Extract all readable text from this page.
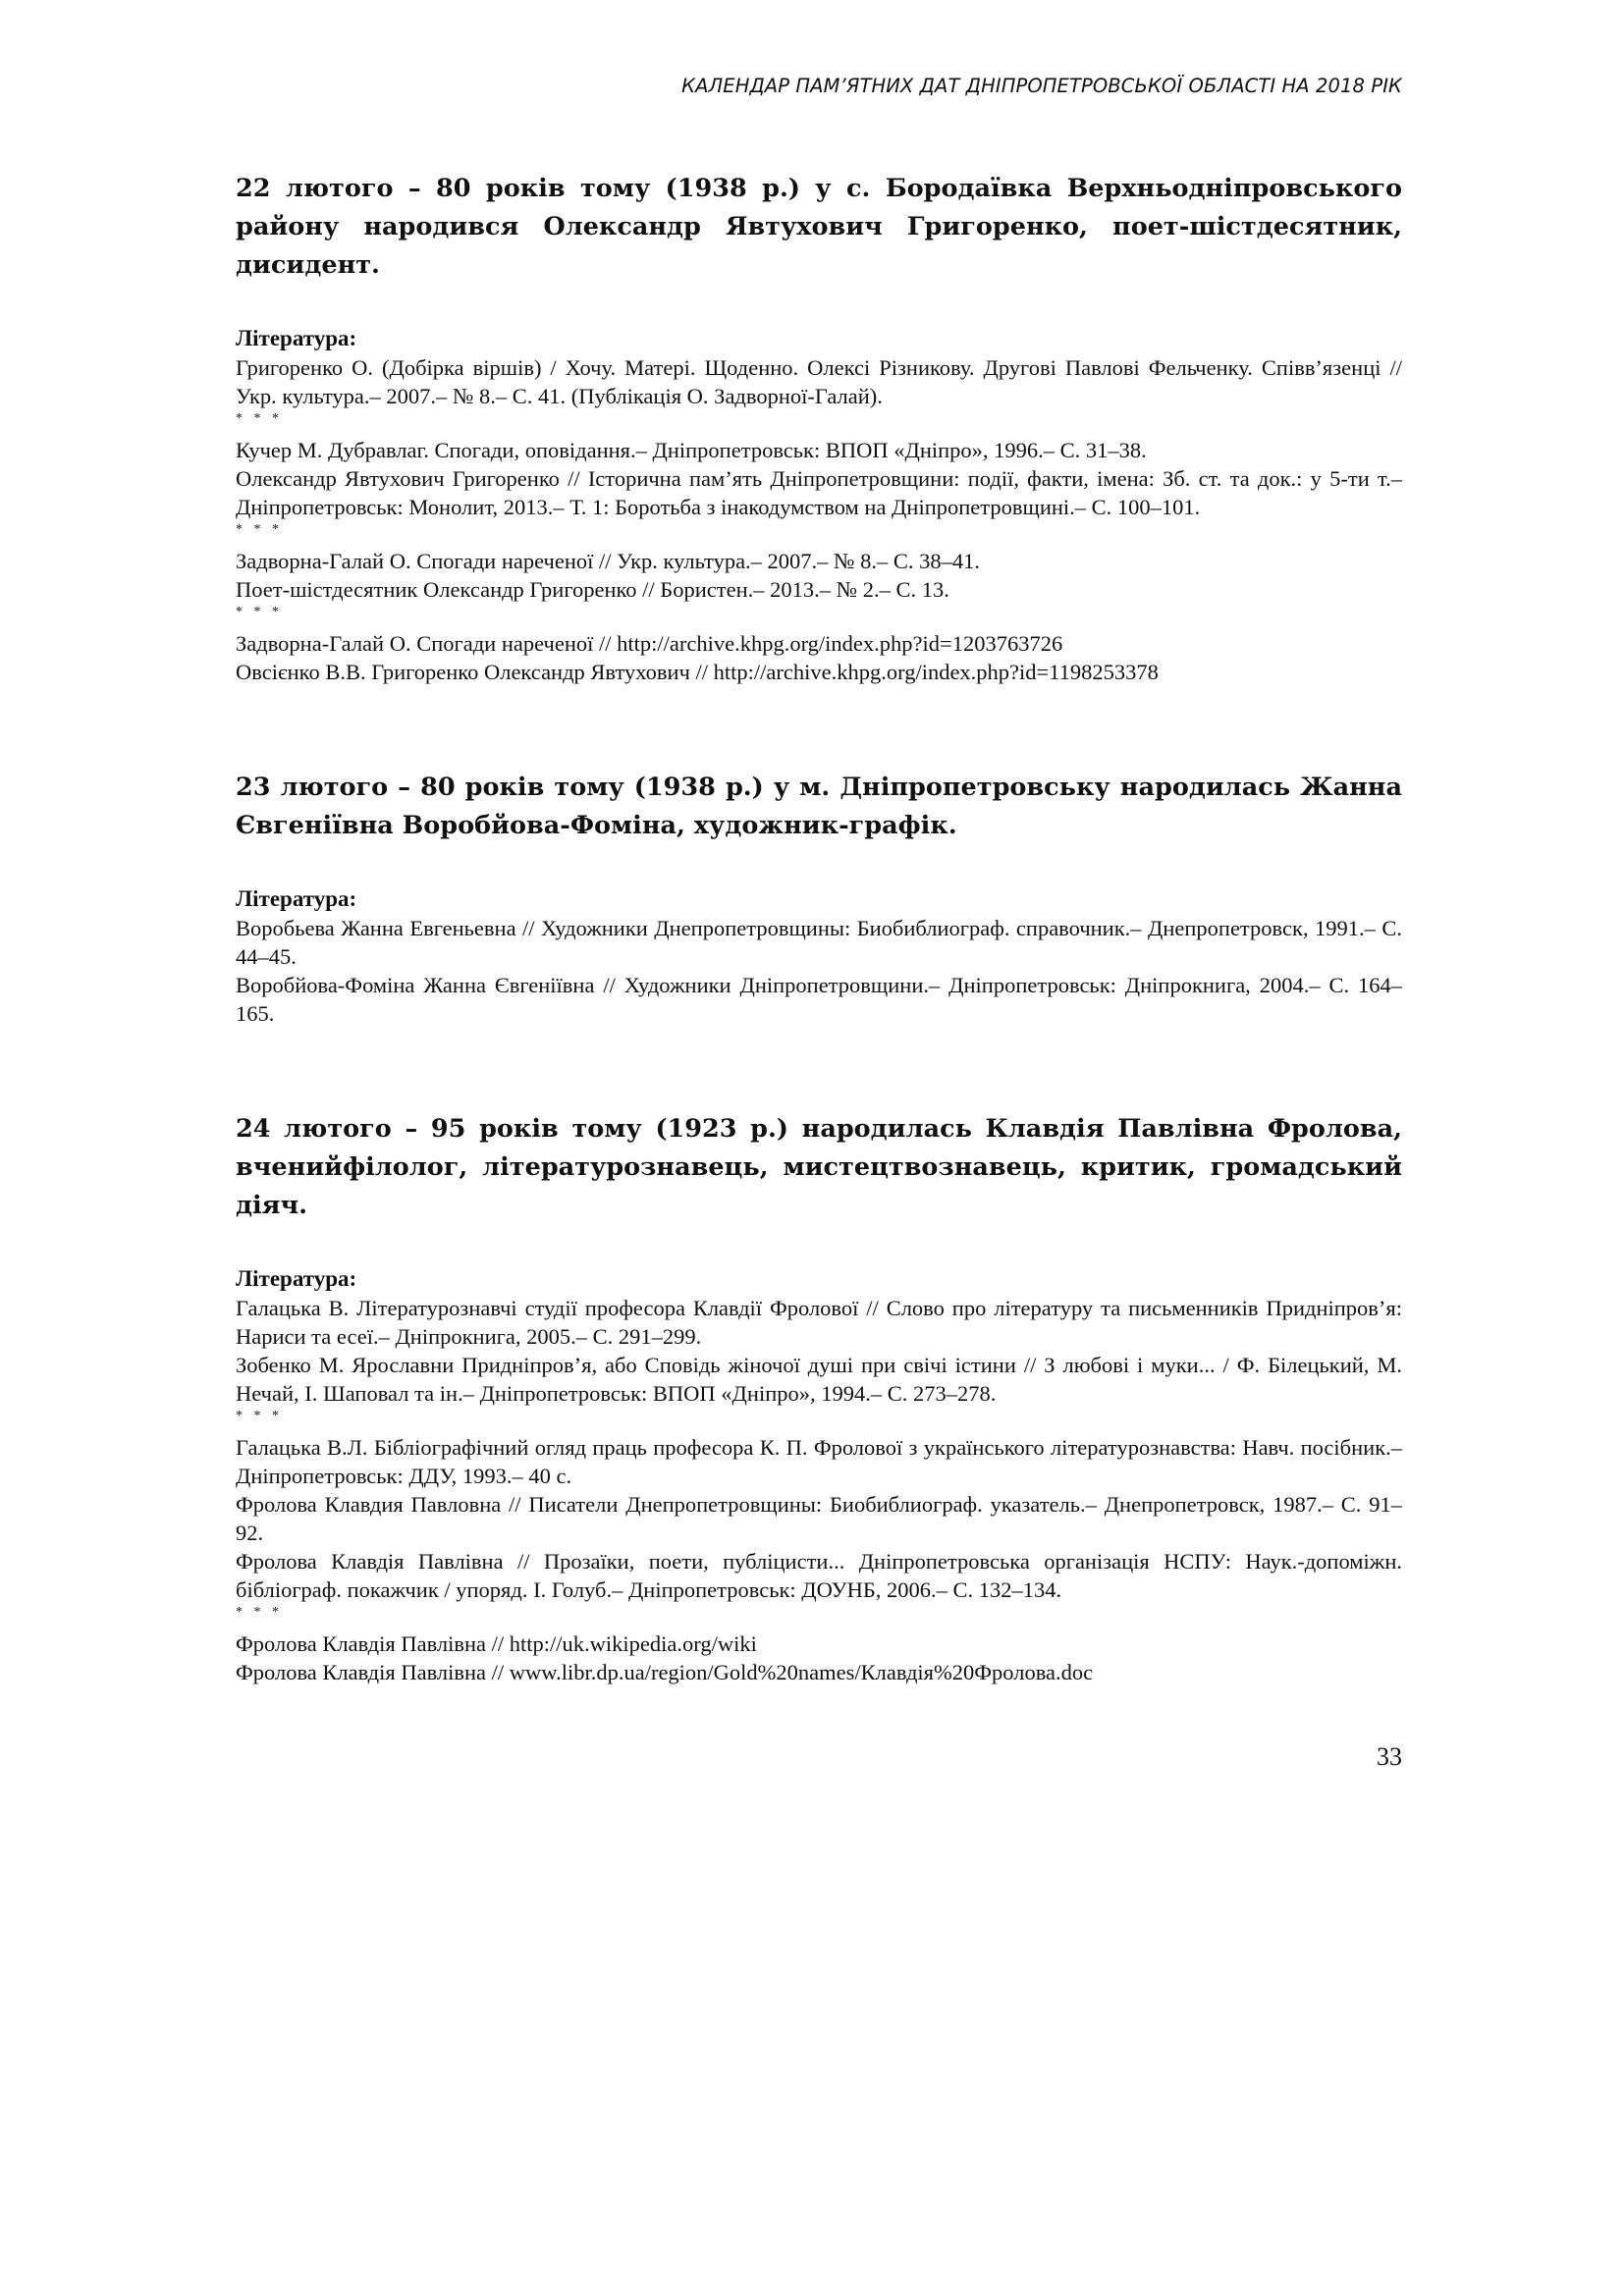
КАЛЕНДАР ПАМ’ЯТНИХ ДАТ ДНІПРОПЕТРОВСЬКОЇ ОБЛАСТІ НА 2018 РІК
22 лютого – 80 років тому (1938 р.) у с. Бородаївка Верхньодніпровського району народився Олександр Явтухович Григоренко, поет-шістдесятник, дисидент.
Література:
Григоренко О. (Добірка віршів) / Хочу. Матері. Щоденно. Олексі Різникову. Другові Павлові Фельченку. Співв’язенці // Укр. культура.– 2007.– № 8.– С. 41. (Публікація О. Задворної-Галай).
* * *
Кучер М. Дубравлаг. Спогади, оповідання.– Дніпропетровськ: ВПОП «Дніпро», 1996.– С. 31–38.
Олександр Явтухович Григоренко // Історична пам’ять Дніпропетровщини: події, факти, імена: Зб. ст. та док.: у 5-ти т.– Дніпропетровськ: Монолит, 2013.– Т. 1: Боротьба з інакодумством на Дніпропетровщині.– С. 100–101.
* * *
Задворна-Галай О. Спогади нареченої // Укр. культура.– 2007.– № 8.– С. 38–41.
Поет-шістдесятник Олександр Григоренко // Бористен.– 2013.– № 2.– С. 13.
* * *
Задворна-Галай О. Спогади нареченої // http://archive.khpg.org/index.php?id=1203763726
Овсієнко В.В. Григоренко Олександр Явтухович // http://archive.khpg.org/index.php?id=1198253378
23 лютого – 80 років тому (1938 р.) у м. Дніпропетровську народилась Жанна Євгеніївна Воробйова-Фоміна, художник-графік.
Література:
Воробьева Жанна Евгеньевна // Художники Днепропетровщины: Биобиблиограф. справочник.– Днепропетровск, 1991.– С. 44–45.
Воробйова-Фоміна Жанна Євгеніївна // Художники Дніпропетровщини.– Дніпропетровськ: Дніпрокнига, 2004.– С. 164–165.
24 лютого – 95 років тому (1923 р.) народилась Клавдія Павлівна Фролова, вченийфілолог, літературознавець, мистецтвознавець, критик, громадський діяч.
Література:
Галацька В. Літературознавчі студії професора Клавдії Фролової // Слово про літературу та письменників Придніпров’я: Нариси та есеї.– Дніпрокнига, 2005.– С. 291–299.
Зобенко М. Ярославни Придніпров’я, або Сповідь жіночої душі при свічі істини // З любові і муки... / Ф. Білецький, М. Нечай, І. Шаповал та ін.– Дніпропетровськ: ВПОП «Дніпро», 1994.– С. 273–278.
* * *
Галацька В.Л. Бібліографічний огляд праць професора К. П. Фролової з українського літературознавства: Навч. посібник.– Дніпропетровськ: ДДУ, 1993.– 40 с.
Фролова Клавдия Павловна // Писатели Днепропетровщины: Биобиблиограф. указатель.– Днепропетровск, 1987.– С. 91–92.
Фролова Клавдія Павлівна // Прозаїки, поети, публіцисти... Дніпропетровська організація НСПУ: Наук.-допоміжн. бібліограф. покажчик / упоряд. І. Голуб.– Дніпропетровськ: ДОУНБ, 2006.– С. 132–134.
* * *
Фролова Клавдія Павлівна // http://uk.wikipedia.org/wiki
Фролова Клавдія Павлівна // www.libr.dp.ua/region/Gold%20names/Клавдія%20Фролова.doc
33
